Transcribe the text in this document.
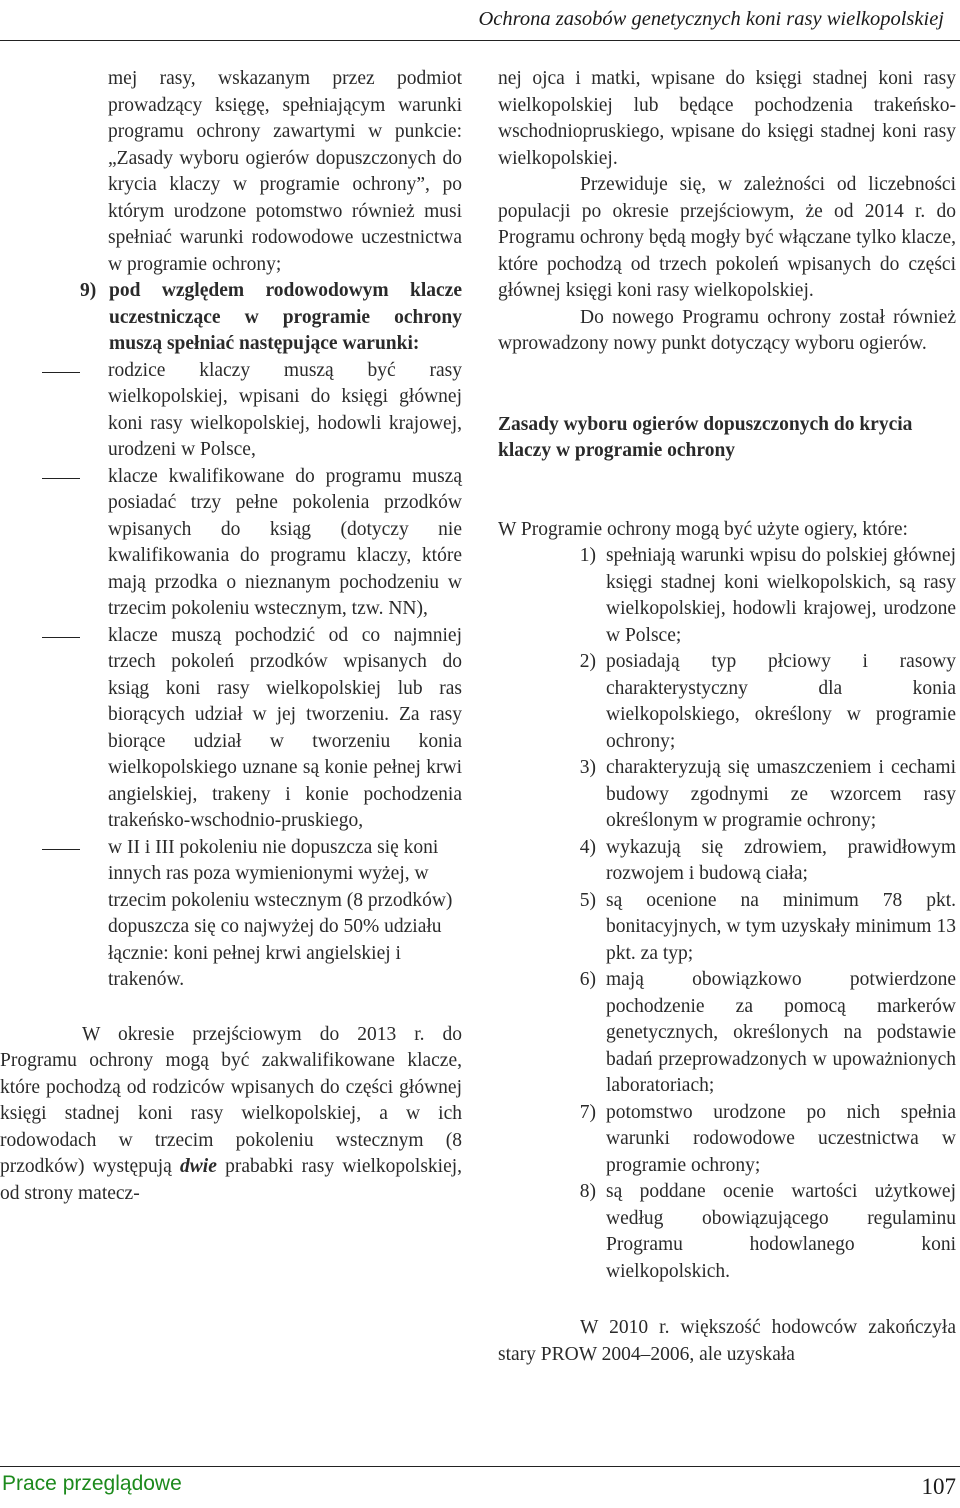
Ochrona zasobów genetycznych koni rasy wielkopolskiej

mej rasy, wskazanym przez podmiot prowadzący księgę, spełniającym warunki programu ochrony zawartymi w punkcie: „Zasady wyboru ogierów dopuszczonych do krycia klaczy w programie ochrony”, po którym urodzone potomstwo również musi spełniać warunki rodowodowe uczestnictwa w programie ochrony;

9) pod względem rodowodowym klacze uczestniczące w programie ochrony muszą spełniać następujące warunki:
rodzice klaczy muszą być rasy wielkopolskiej, wpisani do księgi głównej koni rasy wielkopolskiej, hodowli krajowej, urodzeni w Polsce,
klacze kwalifikowane do programu muszą posiadać trzy pełne pokolenia przodków wpisanych do ksiąg (dotyczy nie kwalifikowania do programu klaczy, które mają przodka o nieznanym pochodzeniu w trzecim pokoleniu wstecznym, tzw. NN),
klacze muszą pochodzić od co najmniej trzech pokoleń przodków wpisanych do ksiąg koni rasy wielkopolskiej lub ras biorących udział w jej tworzeniu. Za rasy biorące udział w tworzeniu konia wielkopolskiego uznane są konie pełnej krwi angielskiej, trakeny i konie pochodzenia trakeńsko-wschodnio-pruskiego,
w II i III pokoleniu nie dopuszcza się koni innych ras poza wymienionymi wyżej, w trzecim pokoleniu wstecznym (8 przodków) dopuszcza się co najwyżej do 50% udziału łącznie: koni pełnej krwi angielskiej i trakenów.

W okresie przejściowym do 2013 r. do Programu ochrony mogą być zakwalifikowane klacze, które pochodzą od rodziców wpisanych do części głównej księgi stadnej koni rasy wielkopolskiej, a w ich rodowodach w trzecim pokoleniu wstecznym (8 przodków) występują dwie prababki rasy wielkopolskiej, od strony matecz-

nej ojca i matki, wpisane do księgi stadnej koni rasy wielkopolskiej lub będące pochodzenia trakeńsko-wschodniopruskiego, wpisane do księgi stadnej koni rasy wielkopolskiej.

Przewiduje się, w zależności od liczebności populacji po okresie przejściowym, że od 2014 r. do Programu ochrony będą mogły być włączane tylko klacze, które pochodzą od trzech pokoleń wpisanych do części głównej księgi koni rasy wielkopolskiej.

Do nowego Programu ochrony został również wprowadzony nowy punkt dotyczący wyboru ogierów.

Zasady wyboru ogierów dopuszczonych do krycia klaczy w programie ochrony

W Programie ochrony mogą być użyte ogiery, które:

1) spełniają warunki wpisu do polskiej głównej księgi stadnej koni wielkopolskich, są rasy wielkopolskiej, hodowli krajowej, urodzone w Polsce;
2) posiadają typ płciowy i rasowy charakterystyczny dla konia wielkopolskiego, określony w programie ochrony;
3) charakteryzują się umaszczeniem i cechami budowy zgodnymi ze wzorcem rasy określonym w programie ochrony;
4) wykazują się zdrowiem, prawidłowym rozwojem i budową ciała;
5) są ocenione na minimum 78 pkt. bonitacyjnych, w tym uzyskały minimum 13 pkt. za typ;
6) mają obowiązkowo potwierdzone pochodzenie za pomocą markerów genetycznych, określonych na podstawie badań przeprowadzonych w upoważnionych laboratoriach;
7) potomstwo urodzone po nich spełnia warunki rodowodowe uczestnictwa w programie ochrony;
8) są poddane ocenie wartości użytkowej według obowiązującego regulaminu Programu hodowlanego koni wielkopolskich.

W 2010 r. większość hodowców zakończyła stary PROW 2004–2006, ale uzyskała

Prace przeglądowe	107
